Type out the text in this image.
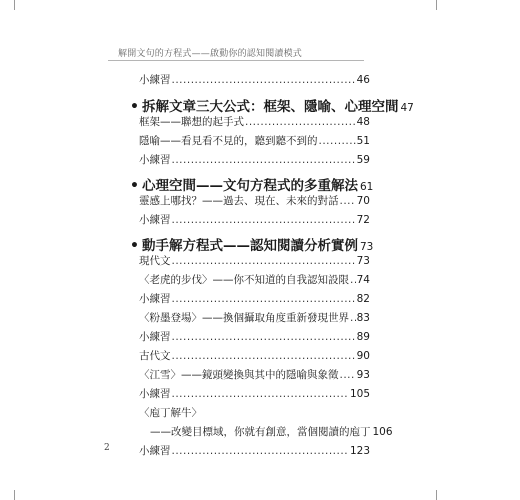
解開文句的方程式——啟動你的認知閱讀模式
小練習 .....	46
• 拆解文章三大公式：框架、隱喻、心理空間 47
框架——聯想的起手式 .....	48
隱喻——看見看不見的，聽到聽不到的 .....	51
小練習 .....	59
• 心理空間——文句方程式的多重解法 61
靈感上哪找？——過去、現在、未來的對話 ..... 70
小練習 .....	72
• 動手解方程式——認知閱讀分析實例 73
現代文 .....	73
〈老虎的步伐〉——你不知道的自我認知設限 ..... 74
小練習 .....	82
〈粉墨登場〉——換個攝取角度重新發現世界 ..... 83
小練習 .....	89
古代文 .....	90
〈江雪〉——鏡頭變換與其中的隱喻與象徵 ..... 93
小練習 .....	105
〈庖丁解牛〉
——改變目標域，你就有創意，當個閱讀的庖丁 106
小練習 .....	123
2
